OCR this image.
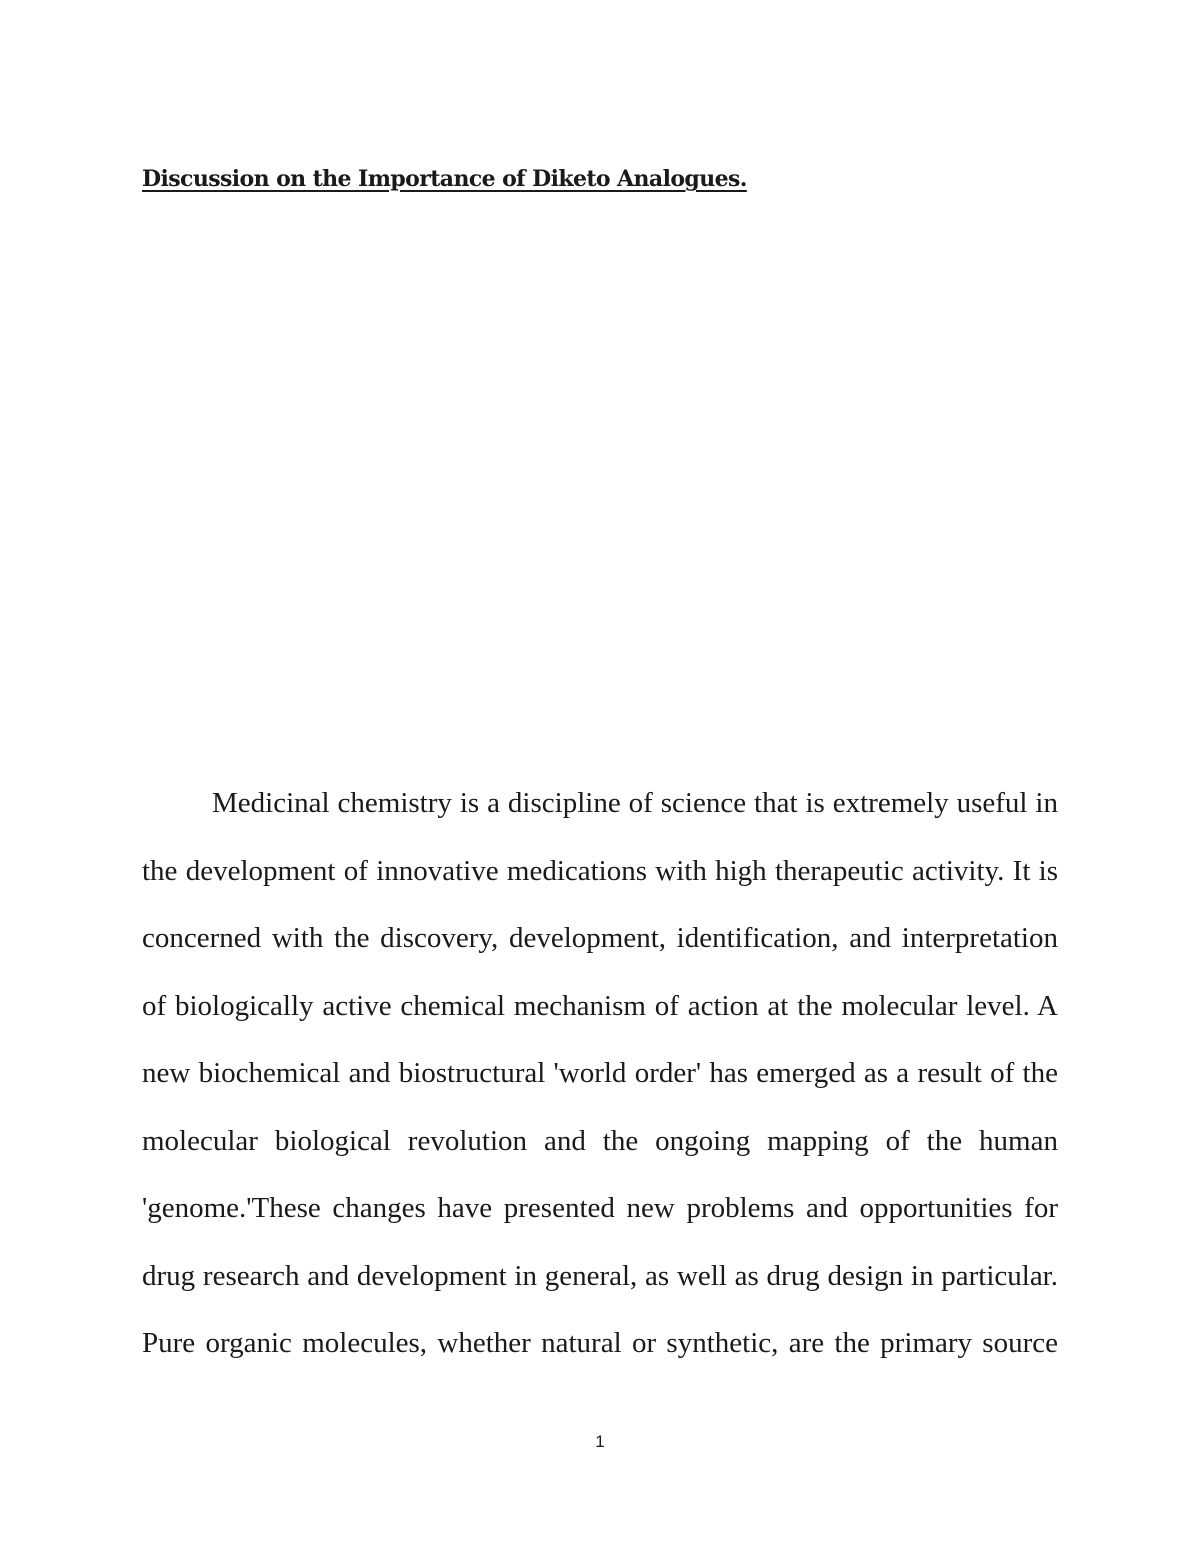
Discussion on the Importance of Diketo Analogues.
Medicinal chemistry is a discipline of science that is extremely useful in
the development of innovative medications with high therapeutic activity. It is
concerned with the discovery, development, identification, and interpretation
of biologically active chemical mechanism of action at the molecular level. A
new biochemical and biostructural 'world order' has emerged as a result of the
molecular biological revolution and the ongoing mapping of the human
'genome.'These changes have presented new problems and opportunities for
drug research and development in general, as well as drug design in particular.
Pure organic molecules, whether natural or synthetic, are the primary source
1
